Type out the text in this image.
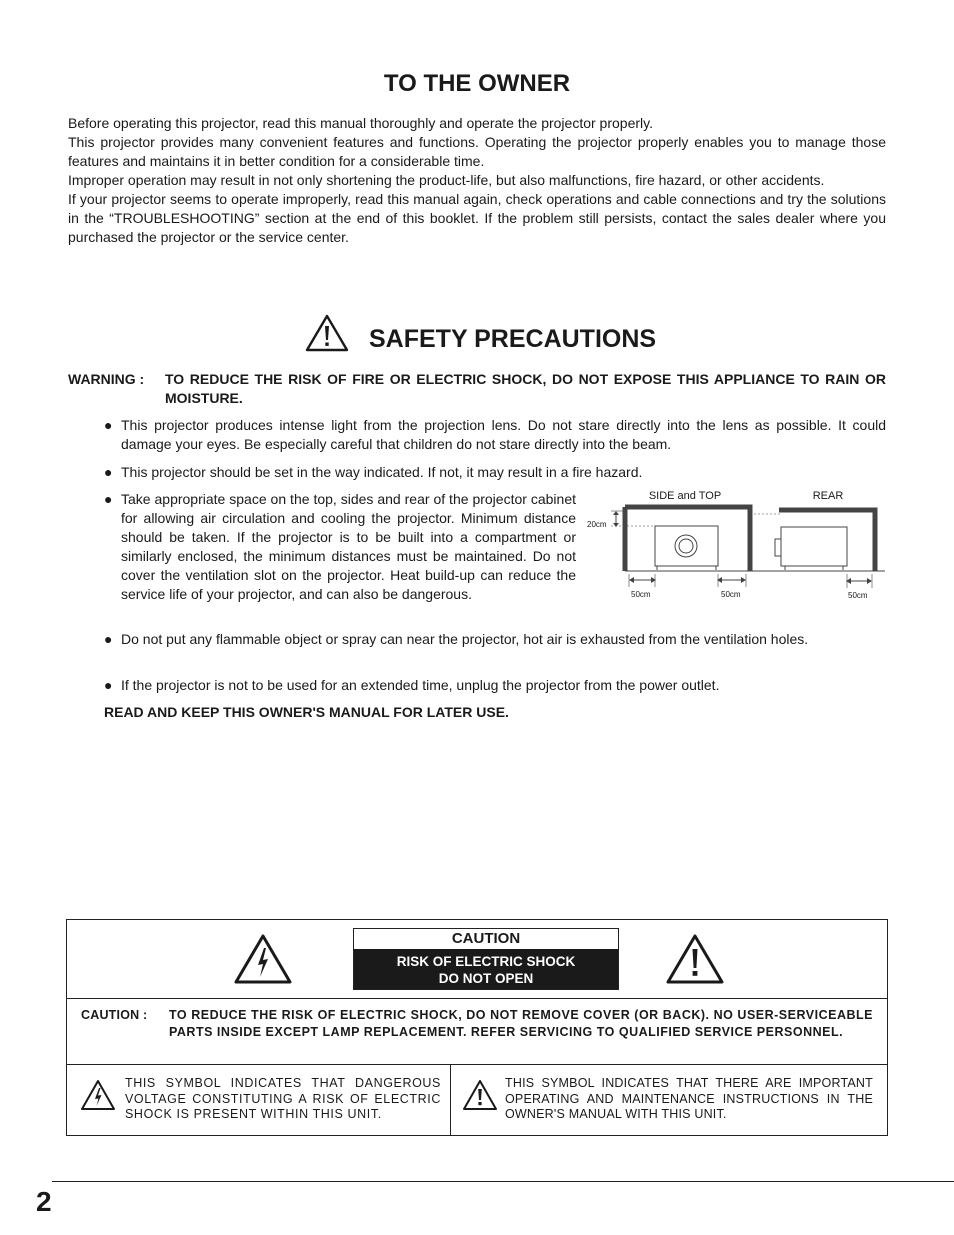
TO THE OWNER

Before operating this projector, read this manual thoroughly and operate the projector properly.

This projector provides many convenient features and functions. Operating the projector properly enables you to manage those features and maintains it in better condition for a considerable time.

Improper operation may result in not only shortening the product-life, but also malfunctions, fire hazard, or other accidents.

If your projector seems to operate improperly, read this manual again, check operations and cable connections and try the solutions in the “TROUBLESHOOTING” section at the end of this booklet. If the problem still persists, contact the sales dealer where you purchased the projector or the service center.

SAFETY PRECAUTIONS
WARNING :	TO REDUCE THE RISK OF FIRE OR ELECTRIC SHOCK, DO NOT EXPOSE THIS APPLIANCE TO RAIN OR MOISTURE.
● This projector produces intense light from the projection lens. Do not stare directly into the lens as possible. It could damage your eyes. Be especially careful that children do not stare directly into the beam.
● This projector should be set in the way indicated. If not, it may result in a fire hazard.
● Take appropriate space on the top, sides and rear of the projector cabinet for allowing air circulation and cooling the projector. Minimum distance should be taken. If the projector is to be built into a compartment or similarly enclosed, the minimum distances must be maintained. Do not cover the ventilation slot on the projector. Heat build-up can reduce the service life of your projector, and can also be dangerous.
SIDE and TOP	REAR
20cm
50cm	50cm	50cm
● Do not put any flammable object or spray can near the projector, hot air is exhausted from the ventilation holes.
● If the projector is not to be used for an extended time, unplug the projector from the power outlet.
READ AND KEEP THIS OWNER'S MANUAL FOR LATER USE.
CAUTION
RISK OF ELECTRIC SHOCK
DO NOT OPEN
CAUTION :	TO REDUCE THE RISK OF ELECTRIC SHOCK, DO NOT REMOVE COVER (OR BACK). NO USER-SERVICEABLE PARTS INSIDE EXCEPT LAMP REPLACEMENT. REFER SERVICING TO QUALIFIED SERVICE PERSONNEL.
THIS SYMBOL INDICATES THAT DANGEROUS VOLTAGE CONSTITUTING A RISK OF ELECTRIC SHOCK IS PRESENT WITHIN THIS UNIT.
THIS SYMBOL INDICATES THAT THERE ARE IMPORTANT OPERATING AND MAINTENANCE INSTRUCTIONS IN THE OWNER'S MANUAL WITH THIS UNIT.
2
